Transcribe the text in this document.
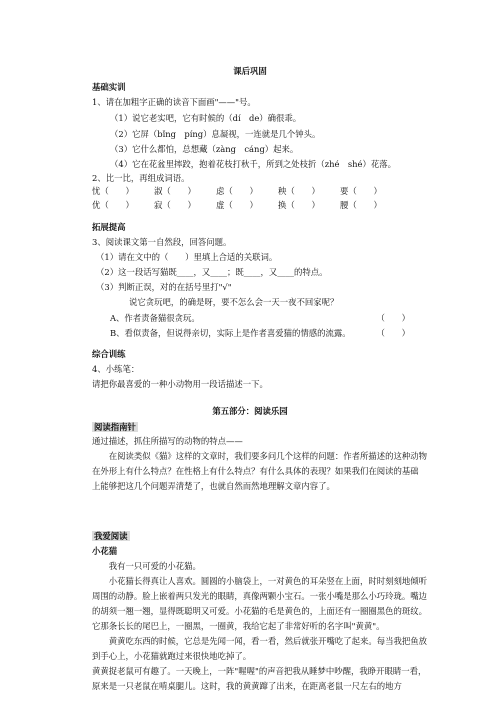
课后巩固
基础实训
1、请在加粗字正确的读音下面画"——"号。
（1）说它老实吧，它有时候的（dí　de）确很乖。
（2）它屏（bǐng　píng）息凝视，一连就是几个钟头。
（3）它什么都怕，总想藏（zàng　cáng）起来。
（4）它在花盆里摔跤，抱着花枝打秋千，所到之处枝折（zhé　shé）花落。
2、比一比，再组成词语。
忧（　　） 淑（　　） 虑（　　） 秧（　　） 要（　　）
优（　　） 寂（　　） 虚（　　） 换（　　） 腰（　　）
拓展提高
3、阅读课文第一自然段，回答问题。
（1）请在文中的（　　）里填上合适的关联词。
（2）这一段话写猫既____，又____；既____，又____的特点。
（3）判断正误，对的在括号里打"√"
说它贪玩吧，的确是呀，要不怎么会一天一夜不回家呢？
A、作者责备猫很贪玩。	（　　）
B、看似责备，但说得亲切，实际上是作者喜爱猫的情感的流露。	（　　）
综合训练
4、小练笔：
请把你最喜爱的一种小动物用一段话描述一下。
第五部分：阅读乐园
阅读指南针
通过描述，抓住所描写的动物的特点——
　　在阅读类似《猫》这样的文章时，我们要多问几个这样的问题：作者所描述的这种动物
在外形上有什么特点？在性格上有什么特点？有什么具体的表现？如果我们在阅读的基础
上能够把这几个问题弄清楚了，也就自然而然地理解文章内容了。
我爱阅读
小花猫
　　我有一只可爱的小花猫。
　　小花猫长得真让人喜欢。圆圆的小脑袋上，一对黄色的耳朵竖在上面，时时刻刻地倾听
周围的动静。脸上嵌着两只发光的眼睛，真像两颗小宝石。一张小嘴是那么小巧玲珑。嘴边
的胡须一翘一翘，显得既聪明又可爱。小花猫的毛是黄色的，上面还有一圈圈黑色的斑纹。
它那条长长的尾巴上，一圈黑，一圈黄，我给它起了非常好听的名字叫"黄黄"。
　　黄黄吃东西的时候，它总是先闻一闻，看一看，然后就张开嘴吃了起来。每当我把鱼放
到手心上，小花猫就跑过来很快地吃掉了。
黄黄捉老鼠可有趣了。一天晚上，一阵"喔喔"的声音把我从睡梦中吵醒，我睁开眼睛一看，
原来是一只老鼠在啃桌腿儿。这时，我的黄黄蹿了出来，在距离老鼠一尺左右的地方
